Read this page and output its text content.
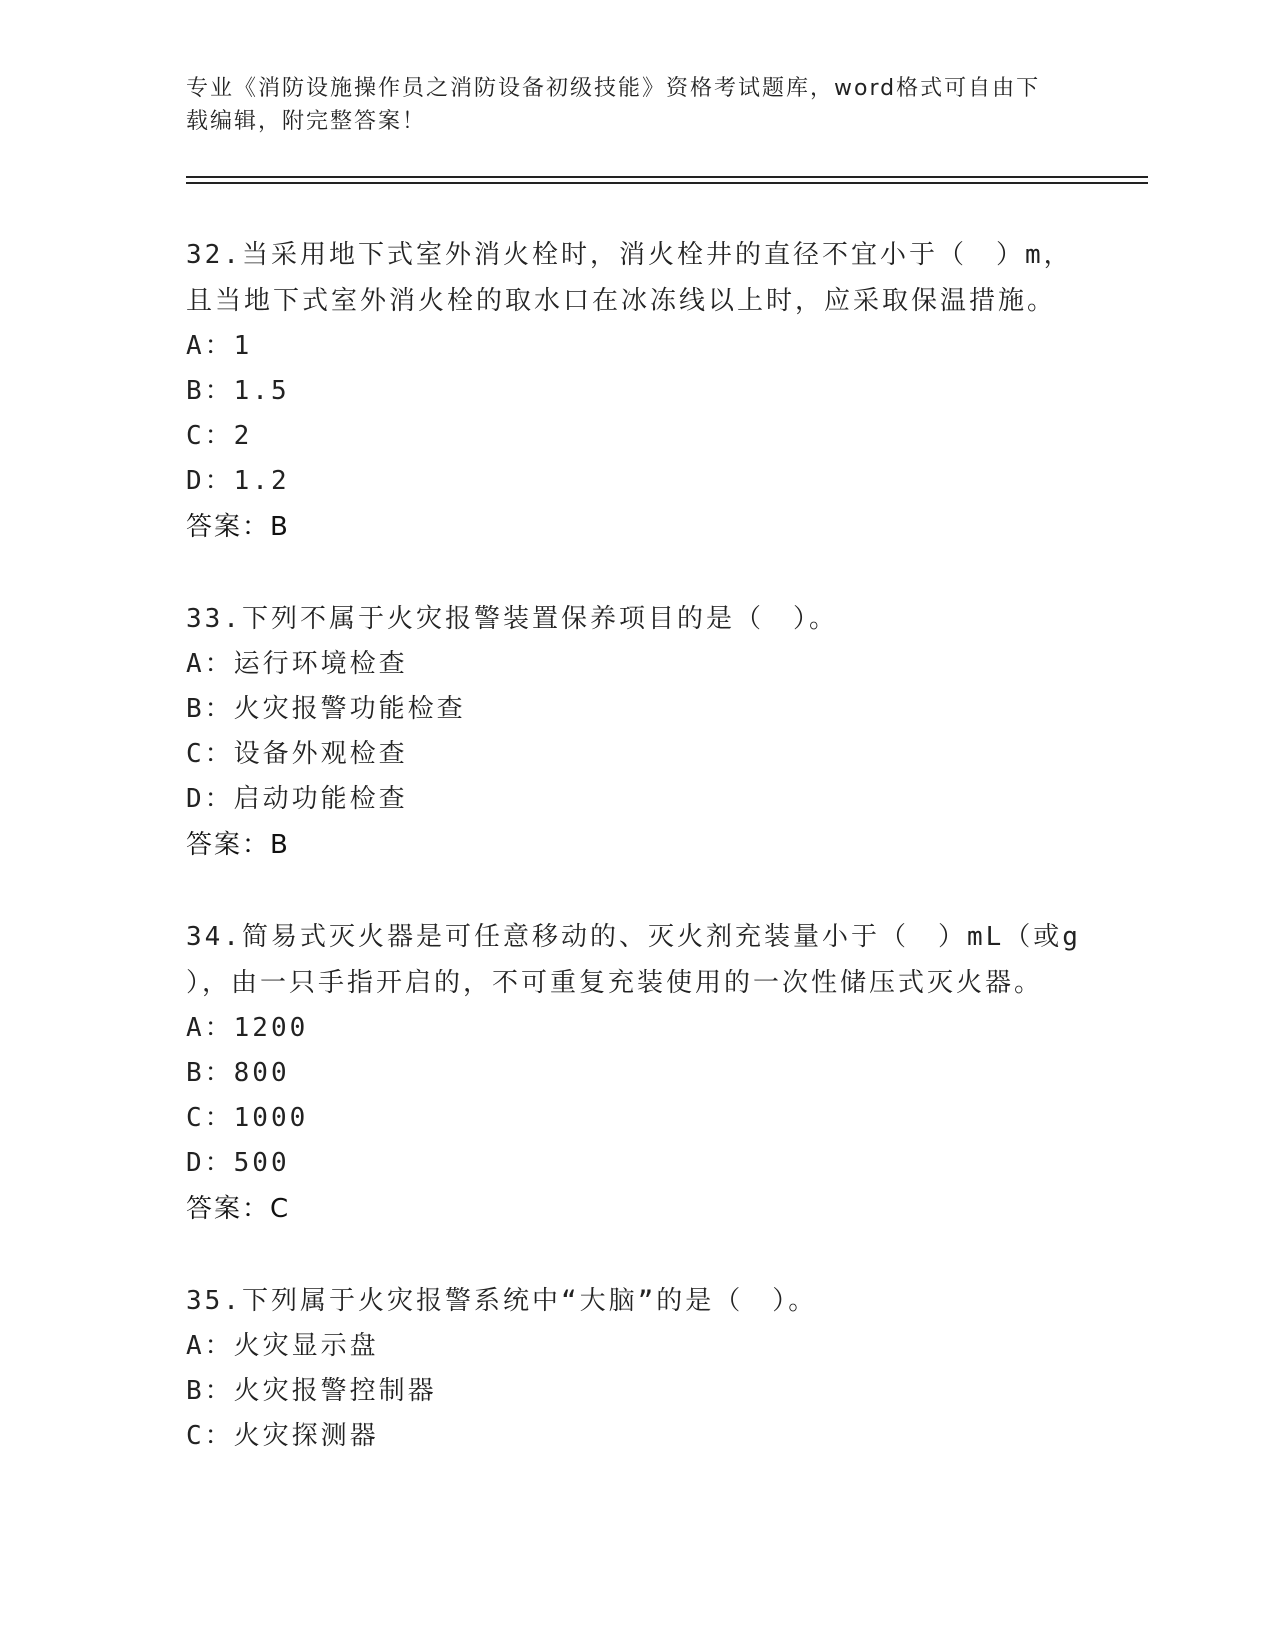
专业《消防设施操作员之消防设备初级技能》资格考试题库，word格式可自由下
载编辑，附完整答案！

32.当采用地下式室外消火栓时，消火栓井的直径不宜小于（　）m，

且当地下式室外消火栓的取水口在冰冻线以上时，应采取保温措施。

A：1

B：1.5

C：2

D：1.2

答案：B

33.下列不属于火灾报警装置保养项目的是（　）。

A：运行环境检查

B：火灾报警功能检查

C：设备外观检查

D：启动功能检查

答案：B

34.简易式灭火器是可任意移动的、灭火剂充装量小于（　）mL（或g

），由一只手指开启的，不可重复充装使用的一次性储压式灭火器。

A：1200

B：800

C：1000

D：500

答案：C

35.下列属于火灾报警系统中“大脑”的是（　）。

A：火灾显示盘

B：火灾报警控制器

C：火灾探测器
